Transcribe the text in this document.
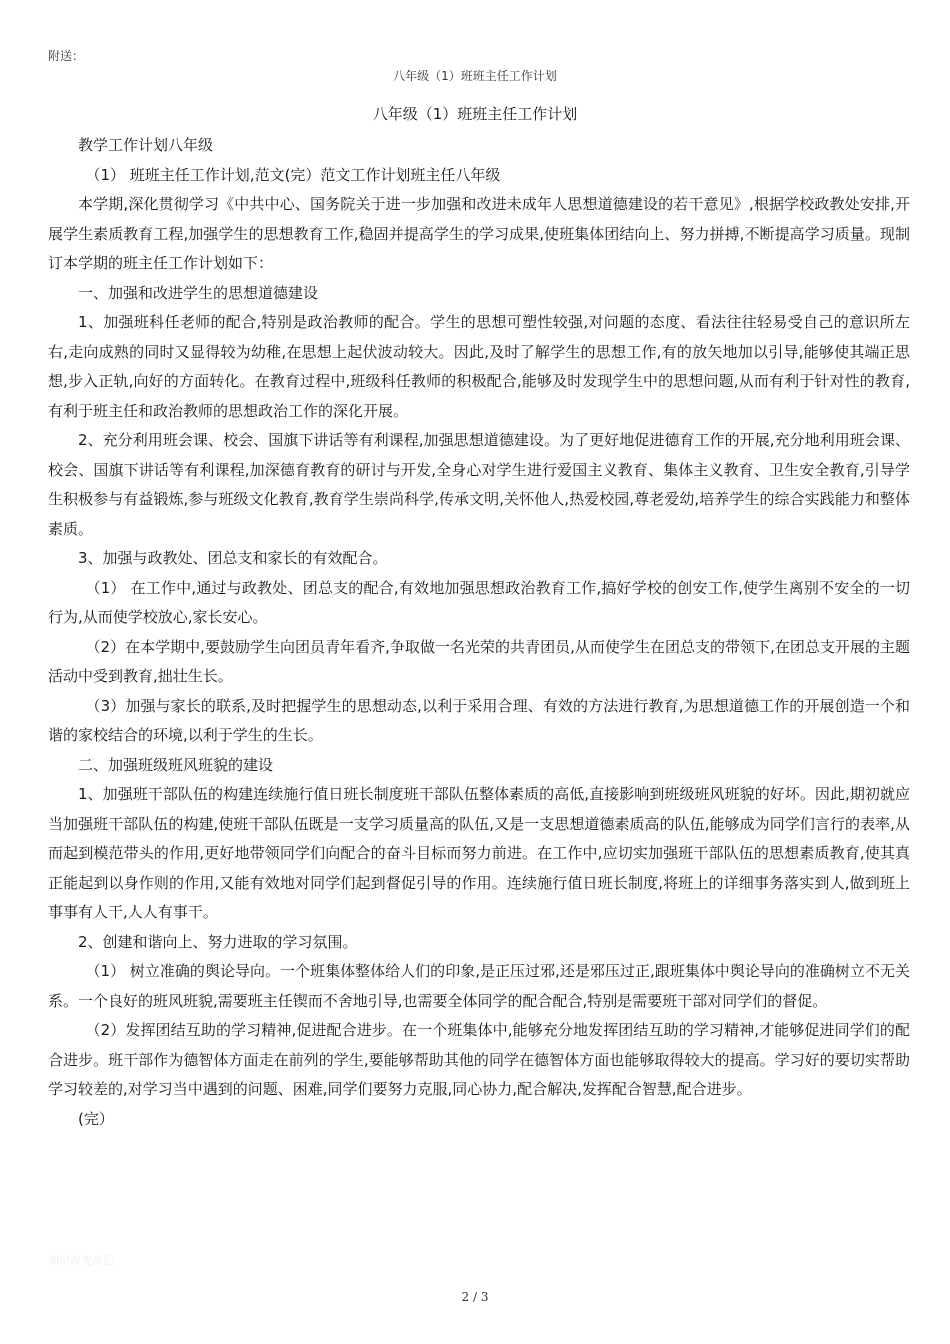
附送：
八年级（1）班班主任工作计划
八年级（1）班班主任工作计划

教学工作计划八年级

（1） 班班主任工作计划,范文(完）范文工作计划班主任八年级

本学期,深化贯彻学习《中共中心、国务院关于进一步加强和改进未成年人思想道德建设的若干意见》,根据学校政教处安排,开展学生素质教育工程,加强学生的思想教育工作,稳固并提高学生的学习成果,使班集体团结向上、努力拼搏,不断提高学习质量。现制订本学期的班主任工作计划如下：

一、加强和改进学生的思想道德建设

1、加强班科任老师的配合,特别是政治教师的配合。学生的思想可塑性较强,对问题的态度、看法往往轻易受自己的意识所左右,走向成熟的同时又显得较为幼稚,在思想上起伏波动较大。因此,及时了解学生的思想工作,有的放矢地加以引导,能够使其端正思想,步入正轨,向好的方面转化。在教育过程中,班级科任教师的积极配合,能够及时发现学生中的思想问题,从而有利于针对性的教育,有利于班主任和政治教师的思想政治工作的深化开展。

2、充分利用班会课、校会、国旗下讲话等有利课程,加强思想道德建设。为了更好地促进德育工作的开展,充分地利用班会课、校会、国旗下讲话等有利课程,加深德育教育的研讨与开发,全身心对学生进行爱国主义教育、集体主义教育、卫生安全教育,引导学生积极参与有益锻炼,参与班级文化教育,教育学生崇尚科学,传承文明,关怀他人,热爱校园,尊老爱幼,培养学生的综合实践能力和整体素质。

3、加强与政教处、团总支和家长的有效配合。

（1） 在工作中,通过与政教处、团总支的配合,有效地加强思想政治教育工作,搞好学校的创安工作,使学生离别不安全的一切行为,从而使学校放心,家长安心。

（2）在本学期中,要鼓励学生向团员青年看齐,争取做一名光荣的共青团员,从而使学生在团总支的带领下,在团总支开展的主题活动中受到教育,拙壮生长。

（3）加强与家长的联系,及时把握学生的思想动态,以利于采用合理、有效的方法进行教育,为思想道德工作的开展创造一个和谐的家校结合的环境,以利于学生的生长。

二、加强班级班风班貌的建设

1、加强班干部队伍的构建连续施行值日班长制度班干部队伍整体素质的高低,直接影响到班级班风班貌的好坏。因此,期初就应当加强班干部队伍的构建,使班干部队伍既是一支学习质量高的队伍,又是一支思想道德素质高的队伍,能够成为同学们言行的表率,从而起到模范带头的作用,更好地带领同学们向配合的奋斗目标而努力前进。在工作中,应切实加强班干部队伍的思想素质教育,使其真正能起到以身作则的作用,又能有效地对同学们起到督促引导的作用。连续施行值日班长制度,将班上的详细事务落实到人,做到班上事事有人干,人人有事干。

2、创建和谐向上、努力进取的学习氛围。

（1） 树立准确的舆论导向。一个班集体整体给人们的印象,是正压过邪,还是邪压过正,跟班集体中舆论导向的准确树立不无关系。一个良好的班风班貌,需要班主任锲而不舍地引导,也需要全体同学的配合配合,特别是需要班干部对同学们的督促。

（2）发挥团结互助的学习精神,促进配合进步。在一个班集体中,能够充分地发挥团结互助的学习精神,才能够促进同学们的配合进步。班干部作为德智体方面走在前列的学生,要能够帮助其他的同学在德智体方面也能够取得较大的提高。学习好的要切实帮助学习较差的,对学习当中遇到的问题、困难,同学们要努力克服,同心协力,配合解决,发挥配合智慧,配合进步。

(完）

知识改变命运
2 / 3
